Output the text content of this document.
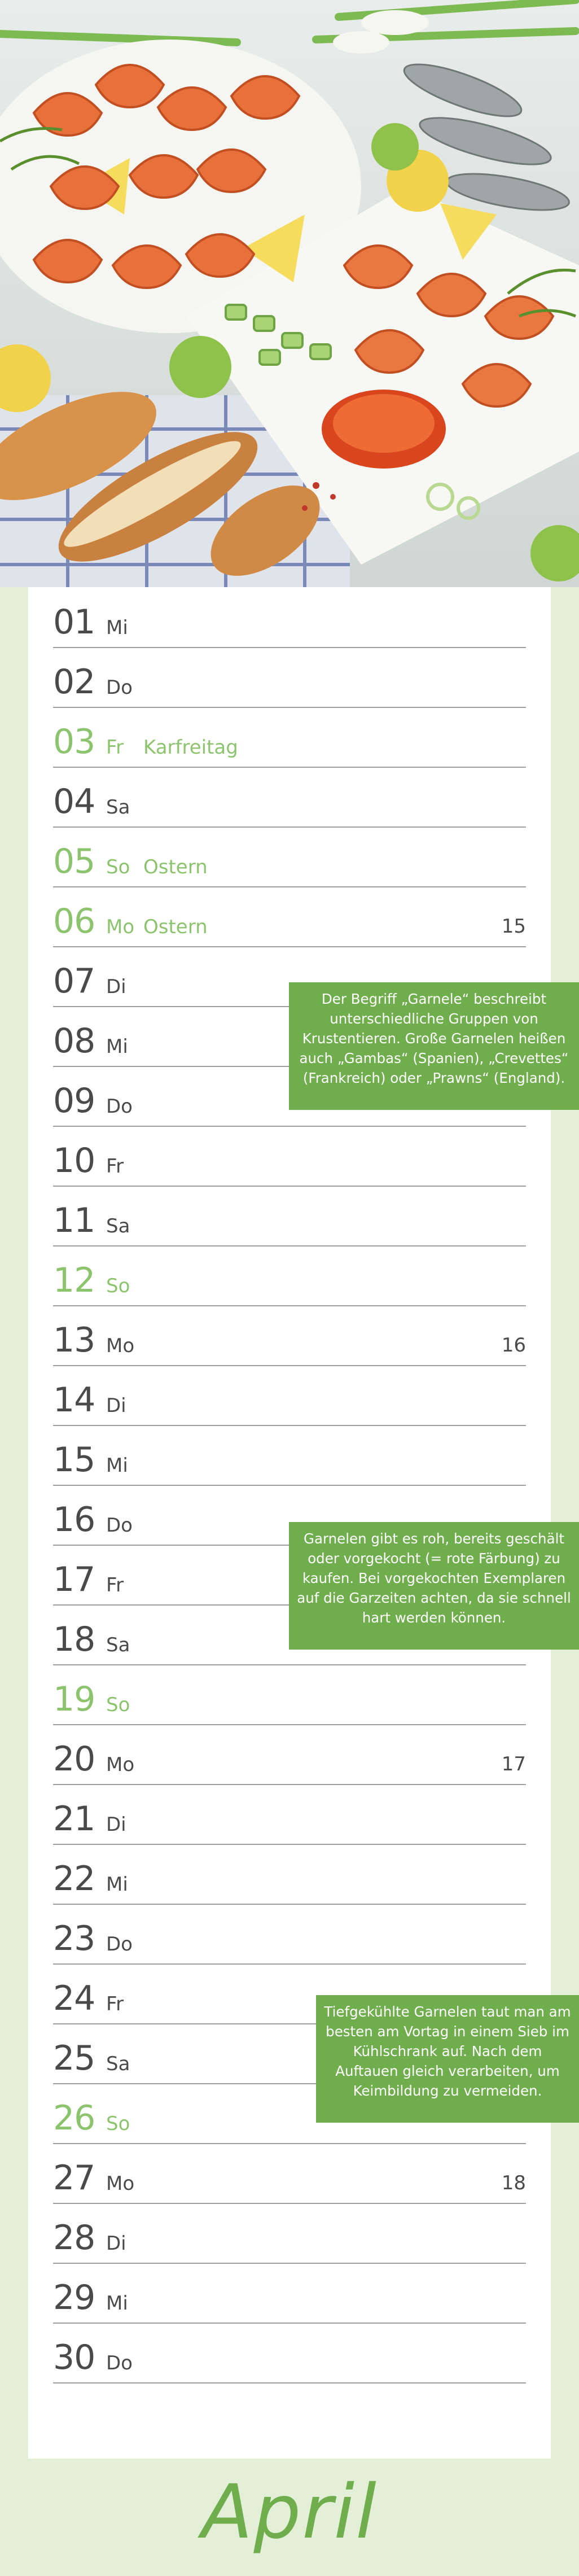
01 Mi
02 Do
03 Fr Karfreitag
04 Sa
05 So Ostern
06 Mo Ostern	15
07 Di
08 Mi
09 Do
10 Fr
11 Sa
12 So
13 Mo	16
14 Di
15 Mi
16 Do
17 Fr
18 Sa
19 So
20 Mo	17
21 Di
22 Mi
23 Do
24 Fr
25 Sa
26 So
27 Mo	18
28 Di
29 Mi
30 Do
Der Begriff „Garnele“ beschreibt unterschiedliche Gruppen von Krustentieren. Große Garnelen heißen auch „Gambas“ (Spanien), „Crevettes“ (Frankreich) oder „Prawns“ (England).
Garnelen gibt es roh, bereits geschält oder vorgekocht (= rote Färbung) zu kaufen. Bei vorgekochten Exemplaren auf die Garzeiten achten, da sie schnell hart werden können.
Tiefgekühlte Garnelen taut man am besten am Vortag in einem Sieb im Kühlschrank auf. Nach dem Auftauen gleich verarbeiten, um Keimbildung zu vermeiden.
April
